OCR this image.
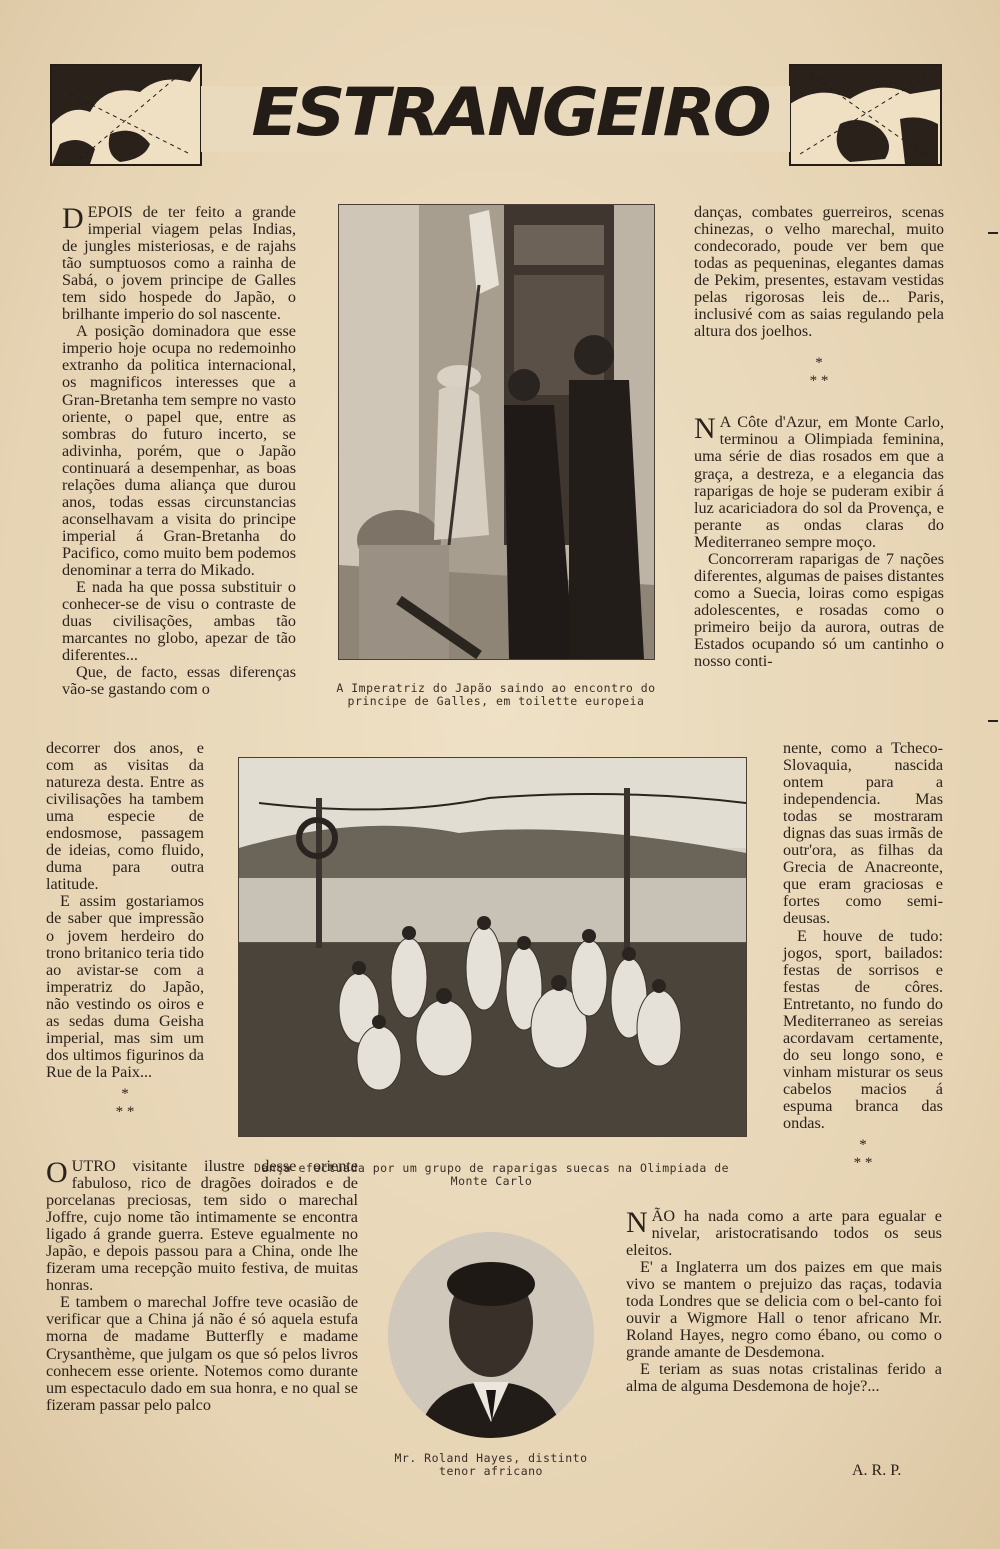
ESTRANGEIRO

DEPOIS de ter feito a grande imperial viagem pelas Indias, de jungles misteriosas, e de rajahs tão sumptuosos como a rainha de Sabá, o jovem principe de Galles tem sido hospede do Japão, o brilhante imperio do sol nascente.

A posição dominadora que esse imperio hoje ocupa no redemoinho extranho da politica internacional, os magnificos interesses que a Gran-Bretanha tem sempre no vasto oriente, o papel que, entre as sombras do futuro incerto, se adivinha, porém, que o Japão continuará a desempenhar, as boas relações duma aliança que durou anos, todas essas circunstancias aconselhavam a visita do principe imperial á Gran-Bretanha do Pacifico, como muito bem podemos denominar a terra do Mikado.

E nada ha que possa substituir o conhecer-se de visu o contraste de duas civilisações, ambas tão marcantes no globo, apezar de tão diferentes...

Que, de facto, essas diferenças vão-se gastando com o

decorrer dos anos, e com as visitas da natureza desta. Entre as civilisações ha tambem uma especie de endosmose, passagem de ideias, como fluido, duma para outra latitude.

E assim gostariamos de saber que impressão o jovem herdeiro do trono britanico teria tido ao avistar-se com a imperatriz do Japão, não vestindo os oiros e as sedas duma Geisha imperial, mas sim um dos ultimos figurinos da Rue de la Paix...

*
* *
A Imperatriz do Japão saindo ao encontro do principe de Galles, em toilette europeia

danças, combates guerreiros, scenas chinezas, o velho marechal, muito condecorado, poude ver bem que todas as pequeninas, elegantes damas de Pekim, presentes, estavam vestidas pelas rigorosas leis de... Paris, inclusivé com as saias regulando pela altura dos joelhos.

*
* *

N A Côte d'Azur, em Monte Carlo, terminou a Olimpiada feminina, uma série de dias rosados em que a graça, a destreza, e a elegancia das raparigas de hoje se puderam exibir á luz acariciadora do sol da Provença, e perante as ondas claras do Mediterraneo sempre moço.

Concorreram raparigas de 7 nações diferentes, algumas de paises distantes como a Suecia, loiras como espigas adolescentes, e rosadas como o primeiro beijo da aurora, outras de Estados ocupando só um cantinho o nosso conti-

nente, como a Tcheco-Slovaquia, nascida ontem para a independencia. Mas todas se mostraram dignas das suas irmãs de outr'ora, as filhas da Grecia de Anacreonte, que eram graciosas e fortes como semi-deusas.

E houve de tudo: jogos, sport, bailados: festas de sorrisos e festas de côres. Entretanto, no fundo do Mediterraneo as sereias acordavam certamente, do seu longo sono, e vinham misturar os seus cabelos macios á espuma branca das ondas.

*
* *
Dança efectuada por um grupo de raparigas suecas na Olimpiada de Monte Carlo

OUTRO visitante ilustre desse oriente fabuloso, rico de dragões doirados e de porcelanas preciosas, tem sido o marechal Joffre, cujo nome tão intimamente se encontra ligado á grande guerra. Esteve egualmente no Japão, e depois passou para a China, onde lhe fizeram uma recepção muito festiva, de muitas honras.

E tambem o marechal Joffre teve ocasião de verificar que a China já não é só aquela estufa morna de madame Butterfly e madame Crysanthème, que julgam os que só pelos livros conhecem esse oriente. Notemos como durante um espectaculo dado em sua honra, e no qual se fizeram passar pelo palco

Mr. Roland Hayes, distinto tenor africano

NÃO ha nada como a arte para egualar e nivelar, aristocratisando todos os seus eleitos.

E' a Inglaterra um dos paizes em que mais vivo se mantem o prejuizo das raças, todavia toda Londres que se delicia com o bel-canto foi ouvir a Wigmore Hall o tenor africano Mr. Roland Hayes, negro como ébano, ou como o grande amante de Desdemona.

E teriam as suas notas cristalinas ferido a alma de alguma Desdemona de hoje?...

A. R. P.
